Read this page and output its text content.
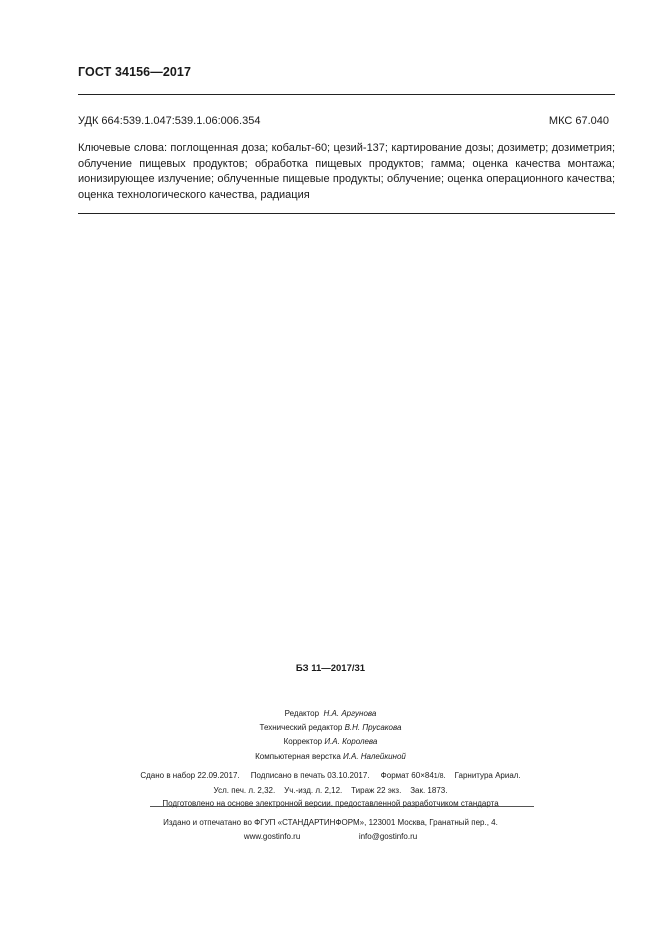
ГОСТ 34156—2017
УДК 664:539.1.047:539.1.06:006.354	МКС 67.040
Ключевые слова: поглощенная доза; кобальт-60; цезий-137; картирование дозы; дозиметр; дозиметрия; облучение пищевых продуктов; обработка пищевых продуктов; гамма; оценка качества монтажа; ионизирующее излучение; облученные пищевые продукты; облучение; оценка операционного качества; оценка технологического качества, радиация
БЗ 11—2017/31
Редактор Н.А. Аргунова
Технический редактор В.Н. Прусакова
Корректор И.А. Королева
Компьютерная верстка И.А. Налейкиной
Сдано в набор 22.09.2017. Подписано в печать 03.10.2017. Формат 60×841/8.    Гарнитура Ариал.
Усл. печ. л. 2,32. Уч.-изд. л. 2,12. Тираж 22 экз. Зак. 1873.
Подготовлено на основе электронной версии, предоставленной разработчиком стандарта
Издано и отпечатано во ФГУП «СТАНДАРТИНФОРМ», 123001 Москва, Гранатный пер., 4.
www.gostinfo.ru	info@gostinfo.ru
